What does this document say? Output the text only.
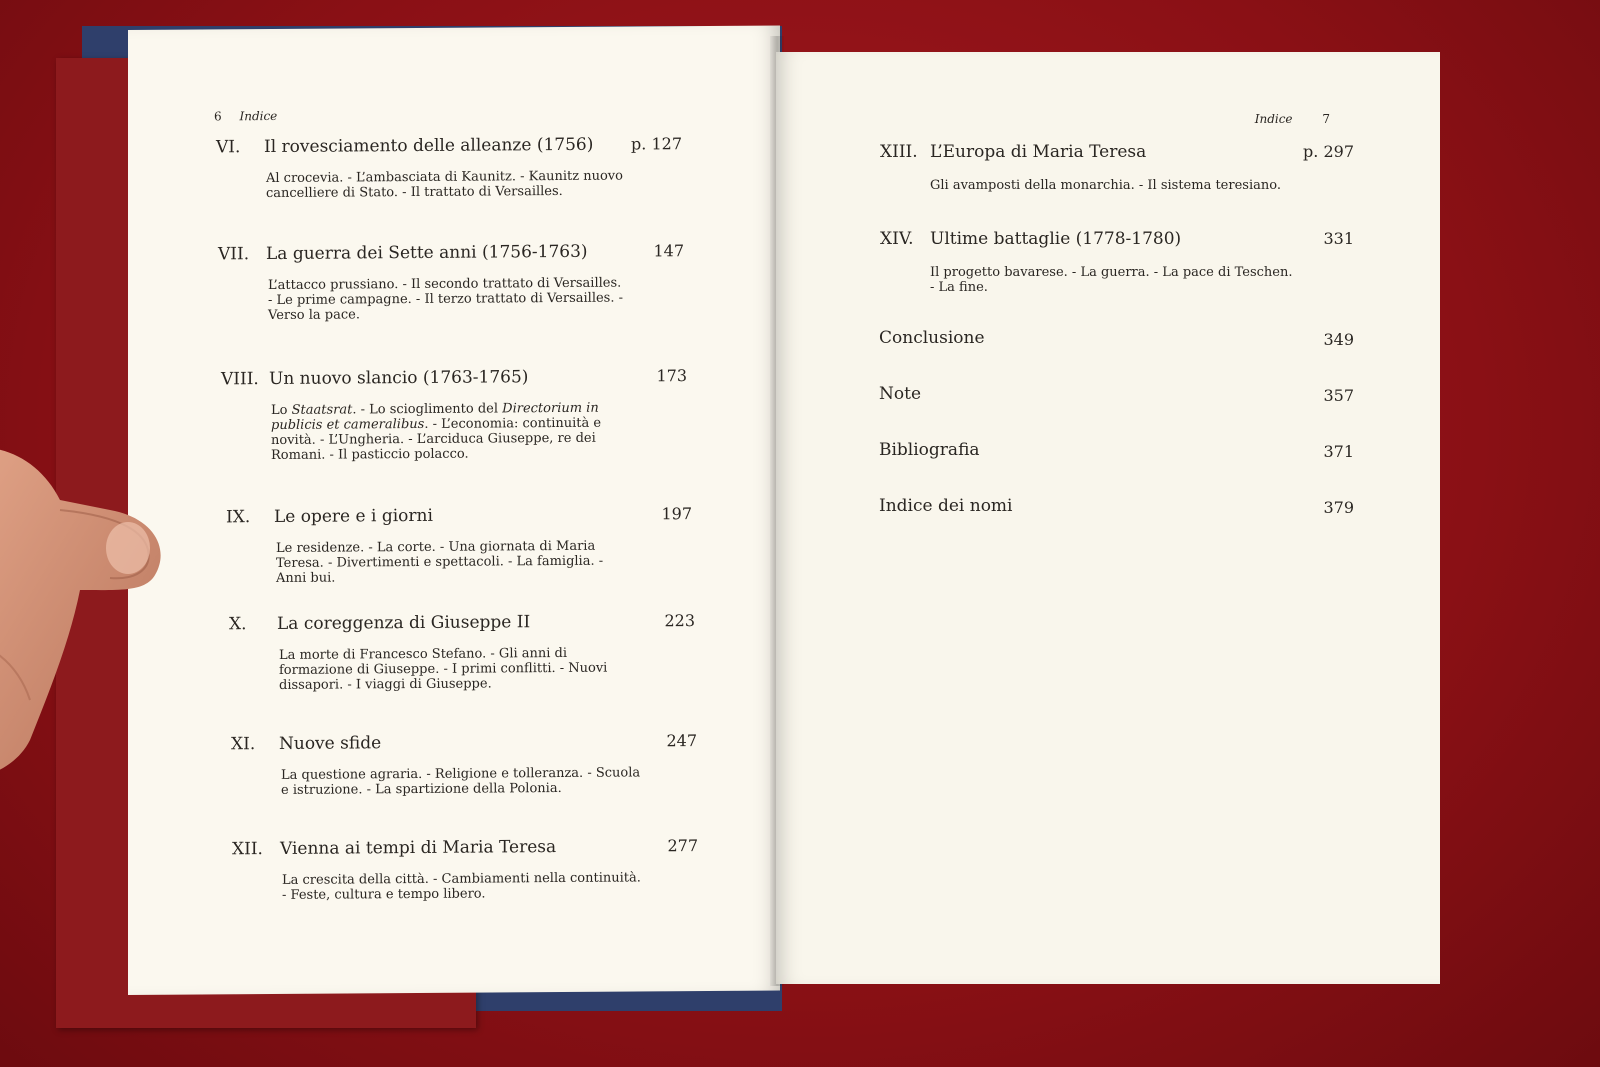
6 Indice
VI. Il rovesciamento delle alleanze (1756) p. 127
Al crocevia. - L’ambasciata di Kaunitz. - Kaunitz nuovo cancelliere di Stato. - Il trattato di Versailles.
VII. La guerra dei Sette anni (1756-1763)	147
L’attacco prussiano. - Il secondo trattato di Versailles. - Le prime campagne. - Il terzo trattato di Versailles. - Verso la pace.
VIII. Un nuovo slancio (1763-1765)	173
Lo Staatsrat. - Lo scioglimento del Directorium in publicis et cameralibus. - L’economia: continuità e novità. - L’Ungheria. - L’arciduca Giuseppe, re dei Romani. - Il pasticcio polacco.
IX. Le opere e i giorni	197
Le residenze. - La corte. - Una giornata di Maria Teresa. - Divertimenti e spettacoli. - La famiglia. - Anni bui.
X. La coreggenza di Giuseppe II	223
La morte di Francesco Stefano. - Gli anni di formazione di Giuseppe. - I primi conflitti. - Nuovi dissapori. - I viaggi di Giuseppe.
XI. Nuove sfide	247
La questione agraria. - Religione e tolleranza. - Scuola e istruzione. - La spartizione della Polonia.
XII. Vienna ai tempi di Maria Teresa	277
La crescita della città. - Cambiamenti nella continuità. - Feste, cultura e tempo libero.
Indice 7
XIII. L’Europa di Maria Teresa	p. 297
Gli avamposti della monarchia. - Il sistema teresiano.
XIV. Ultime battaglie (1778-1780)	331
Il progetto bavarese. - La guerra. - La pace di Teschen. - La fine.
Conclusione	349
Note	357
Bibliografia	371
Indice dei nomi	379
